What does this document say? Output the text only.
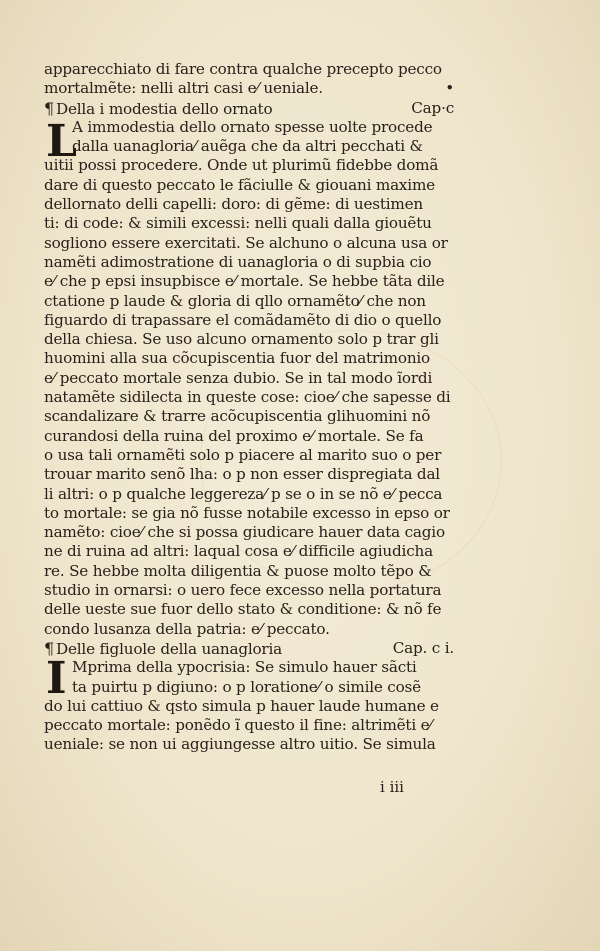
apparecchiato di fare contra qualche precepto pecco
mortalmẽte: nelli altri casi e⁄ ueniale.	•
¶ Della i modestia dello ornato	Cap·c
A immodestia dello ornato spesse uolte procede
dalla uanagloria⁄ auẽga che da altri pecchati &
uitii possi procedere. Onde ut plurimũ fidebbe domã
dare di questo peccato le fãciulle & giouani maxime
dellornato delli capelli: doro: di gẽme: di uestimen
ti: di code: & simili excessi: nelli quali dalla giouẽtu
sogliono essere exercitati. Se alchuno o alcuna usa or
namẽti adimostratione di uanagloria o di supbia cio
e⁄ che p epsi insupbisce e⁄ mortale. Se hebbe tãta dile
ctatione p laude & gloria di qllo ornamẽto⁄ che non
figuardo di trapassare el comãdamẽto di dio o quello
della chiesa. Se uso alcuno ornamento solo p trar gli
huomini alla sua cõcupiscentia fuor del matrimonio
e⁄ peccato mortale senza dubio. Se in tal modo ĩordi
natamẽte sidilecta in queste cose: cioe⁄ che sapesse di
scandalizare & trarre acõcupiscentia glihuomini nõ
curandosi della ruina del proximo e⁄ mortale. Se fa
o usa tali ornamẽti solo p piacere al marito suo o per
trouar marito senõ lha: o p non esser dispregiata dal
li altri: o p qualche leggereza⁄ p se o in se nõ e⁄ pecca
to mortale: se gia nõ fusse notabile excesso in epso or
namẽto: cioe⁄ che si possa giudicare hauer data cagio
ne di ruina ad altri: laqual cosa e⁄ difficile agiudicha
re. Se hebbe molta diligentia & puose molto tẽpo &
studio in ornarsi: o uero fece excesso nella portatura
delle ueste sue fuor dello stato & conditione: & nõ fe
condo lusanza della patria: e⁄ peccato.
¶ Delle figluole della uanagloria	Cap. c i.
Mprima della ypocrisia: Se simulo hauer sãcti
ta puirtu p digiuno: o p loratione⁄ o simile cosẽ
do lui cattiuo & qsto simula p hauer laude humane e
peccato mortale: ponẽdo ĩ questo il fine: altrimẽti e⁄
ueniale: se non ui aggiungesse altro uitio. Se simula
L
I
i iii
